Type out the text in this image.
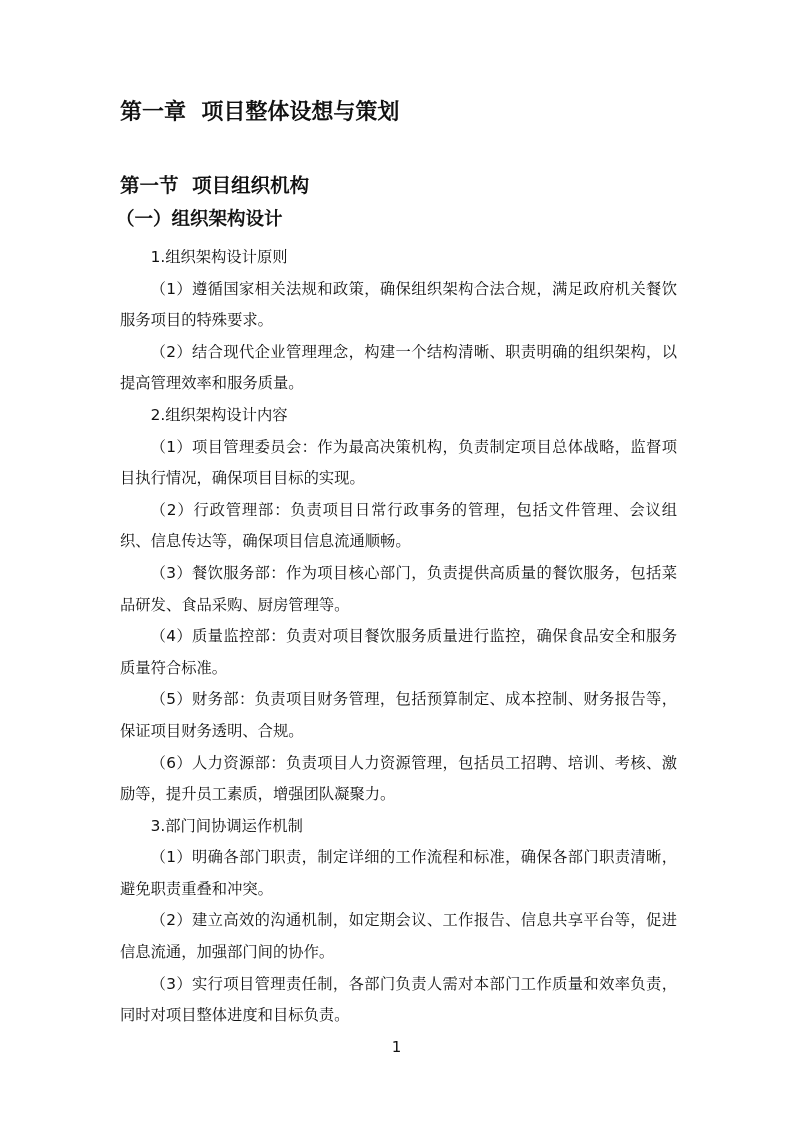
第一章  项目整体设想与策划
第一节  项目组织机构
（一）组织架构设计

1.组织架构设计原则

（1）遵循国家相关法规和政策，确保组织架构合法合规，满足政府机关餐饮服务项目的特殊要求。

（2）结合现代企业管理理念，构建一个结构清晰、职责明确的组织架构，以提高管理效率和服务质量。

2.组织架构设计内容

（1）项目管理委员会：作为最高决策机构，负责制定项目总体战略，监督项目执行情况，确保项目目标的实现。

（2）行政管理部：负责项目日常行政事务的管理，包括文件管理、会议组织、信息传达等，确保项目信息流通顺畅。

（3）餐饮服务部：作为项目核心部门，负责提供高质量的餐饮服务，包括菜品研发、食品采购、厨房管理等。

（4）质量监控部：负责对项目餐饮服务质量进行监控，确保食品安全和服务质量符合标准。

（5）财务部：负责项目财务管理，包括预算制定、成本控制、财务报告等，保证项目财务透明、合规。

（6）人力资源部：负责项目人力资源管理，包括员工招聘、培训、考核、激励等，提升员工素质，增强团队凝聚力。

3.部门间协调运作机制

（1）明确各部门职责，制定详细的工作流程和标准，确保各部门职责清晰，避免职责重叠和冲突。

（2）建立高效的沟通机制，如定期会议、工作报告、信息共享平台等，促进信息流通，加强部门间的协作。

（3）实行项目管理责任制，各部门负责人需对本部门工作质量和效率负责，同时对项目整体进度和目标负责。

1
